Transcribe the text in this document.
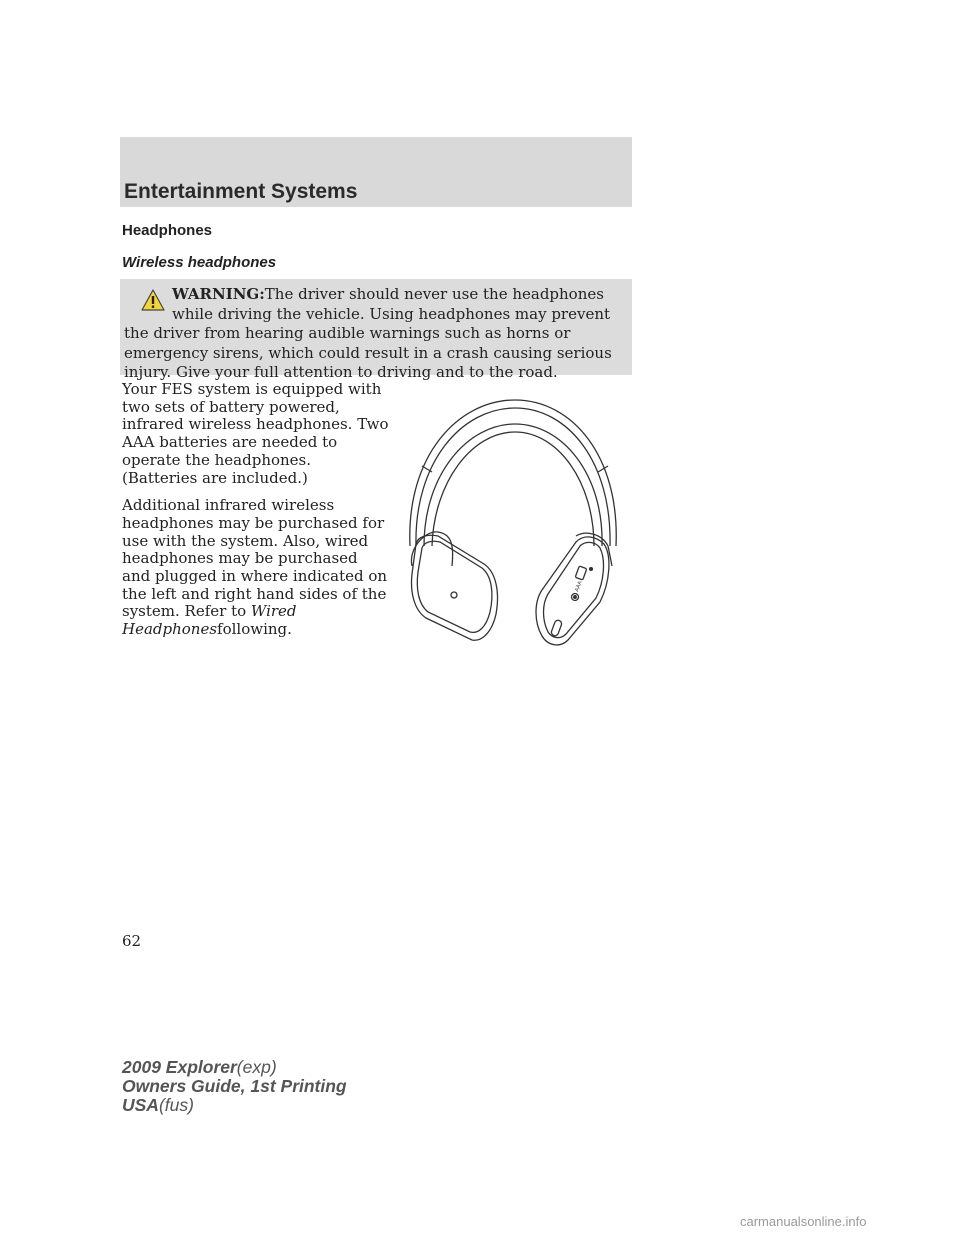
Entertainment Systems
Headphones
Wireless headphones
WARNING:The driver should never use the headphones while driving the vehicle. Using headphones may prevent the driver from hearing audible warnings such as horns or emergency sirens, which could result in a crash causing serious injury. Give your full attention to driving and to the road.

Your FES system is equipped with two sets of battery powered, infrared wireless headphones. Two AAA batteries are needed to operate the headphones. (Batteries are included.)

Additional infrared wireless headphones may be purchased for use with the system. Also, wired headphones may be purchased and plugged in where indicated on the left and right hand sides of the system. Refer to Wired Headphonesfollowing.

AAA
62
2009 Explorer(exp)
Owners Guide, 1st Printing
USA(fus)
carmanualsonline.info
